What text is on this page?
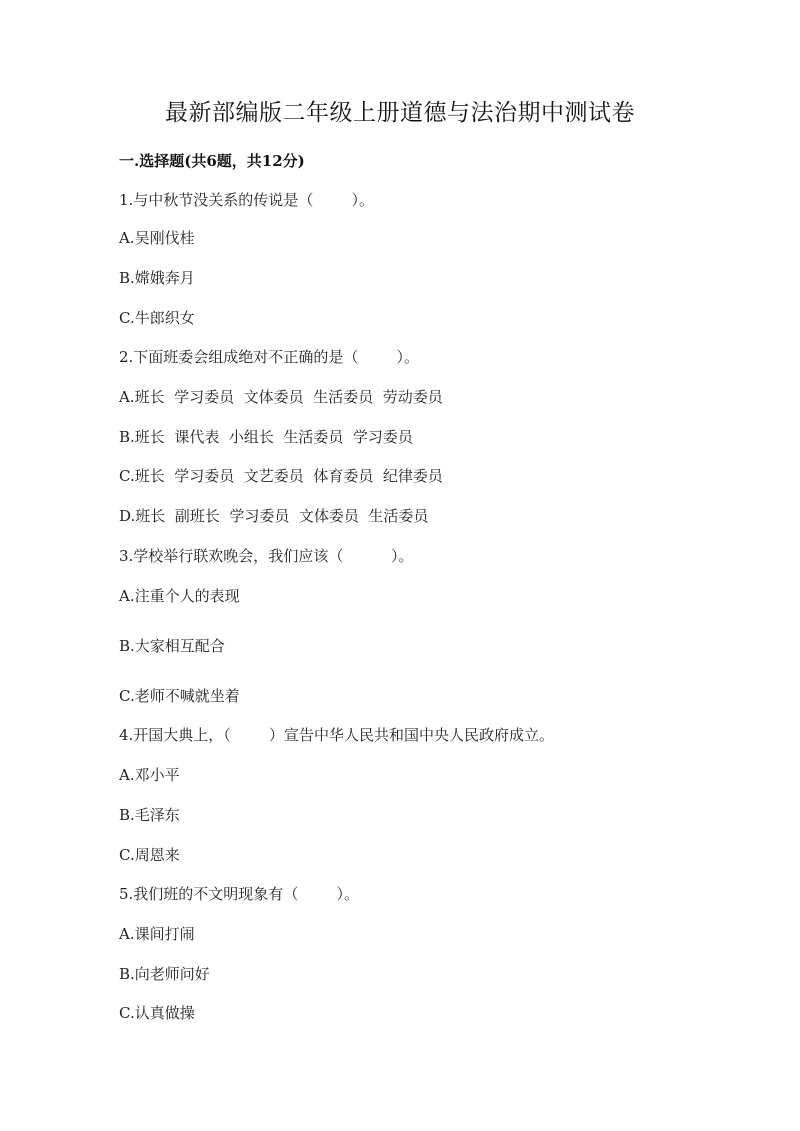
最新部编版二年级上册道德与法治期中测试卷
一.选择题(共6题，共12分)
1.与中秋节没关系的传说是（        ）。
A.吴刚伐桂
B.嫦娥奔月
C.牛郎织女
2.下面班委会组成绝对不正确的是（        ）。
A.班长  学习委员  文体委员  生活委员  劳动委员
B.班长  课代表  小组长  生活委员  学习委员
C.班长  学习委员  文艺委员  体育委员  纪律委员
D.班长  副班长  学习委员  文体委员  生活委员
3.学校举行联欢晚会，我们应该（          ）。
A.注重个人的表现
B.大家相互配合
C.老师不喊就坐着
4.开国大典上，（        ）宣告中华人民共和国中央人民政府成立。
A.邓小平
B.毛泽东
C.周恩来
5.我们班的不文明现象有（        ）。
A.课间打闹
B.向老师问好
C.认真做操
